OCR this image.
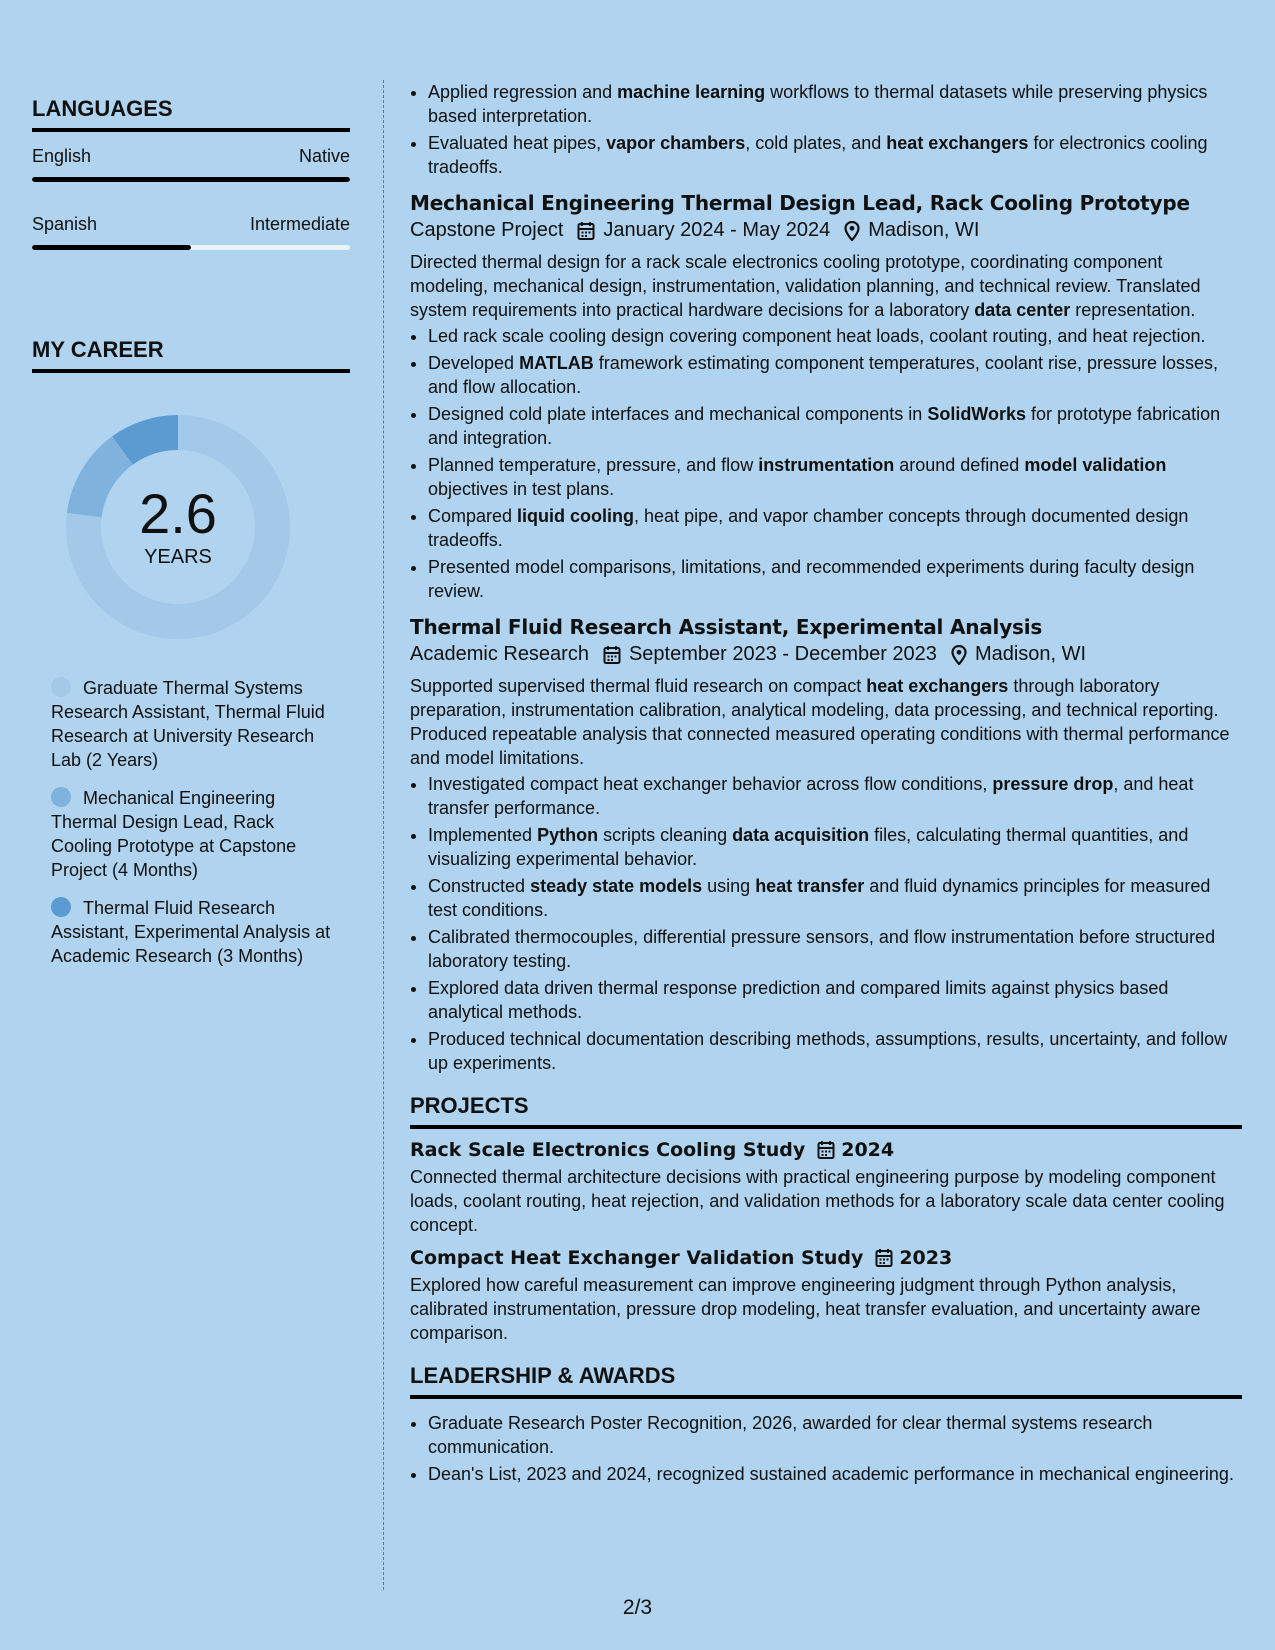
LANGUAGES
English	Native
Spanish	Intermediate
MY CAREER
2.6
YEARS
Graduate Thermal Systems Research Assistant, Thermal Fluid Research at University Research Lab (2 Years)
Mechanical Engineering Thermal Design Lead, Rack Cooling Prototype at Capstone Project (4 Months)
Thermal Fluid Research Assistant, Experimental Analysis at Academic Research (3 Months)
• Applied regression and machine learning workflows to thermal datasets while preserving physics based interpretation.
• Evaluated heat pipes, vapor chambers, cold plates, and heat exchangers for electronics cooling tradeoffs.
Mechanical Engineering Thermal Design Lead, Rack Cooling Prototype
Capstone Project January 2024 - May 2024 Madison, WI

Directed thermal design for a rack scale electronics cooling prototype, coordinating component modeling, mechanical design, instrumentation, validation planning, and technical review. Translated system requirements into practical hardware decisions for a laboratory data center representation.

• Led rack scale cooling design covering component heat loads, coolant routing, and heat rejection.
• Developed MATLAB framework estimating component temperatures, coolant rise, pressure losses, and flow allocation.
• Designed cold plate interfaces and mechanical components in SolidWorks for prototype fabrication and integration.
• Planned temperature, pressure, and flow instrumentation around defined model validation objectives in test plans.
• Compared liquid cooling, heat pipe, and vapor chamber concepts through documented design tradeoffs.
• Presented model comparisons, limitations, and recommended experiments during faculty design review.
Thermal Fluid Research Assistant, Experimental Analysis
Academic Research September 2023 - December 2023 Madison, WI

Supported supervised thermal fluid research on compact heat exchangers through laboratory preparation, instrumentation calibration, analytical modeling, data processing, and technical reporting. Produced repeatable analysis that connected measured operating conditions with thermal performance and model limitations.

• Investigated compact heat exchanger behavior across flow conditions, pressure drop, and heat transfer performance.
• Implemented Python scripts cleaning data acquisition files, calculating thermal quantities, and visualizing experimental behavior.
• Constructed steady state models using heat transfer and fluid dynamics principles for measured test conditions.
• Calibrated thermocouples, differential pressure sensors, and flow instrumentation before structured laboratory testing.
• Explored data driven thermal response prediction and compared limits against physics based analytical methods.
• Produced technical documentation describing methods, assumptions, results, uncertainty, and follow up experiments.
PROJECTS
Rack Scale Electronics Cooling Study 2024

Connected thermal architecture decisions with practical engineering purpose by modeling component loads, coolant routing, heat rejection, and validation methods for a laboratory scale data center cooling concept.

Compact Heat Exchanger Validation Study 2023

Explored how careful measurement can improve engineering judgment through Python analysis, calibrated instrumentation, pressure drop modeling, heat transfer evaluation, and uncertainty aware comparison.

LEADERSHIP & AWARDS
• Graduate Research Poster Recognition, 2026, awarded for clear thermal systems research communication.
• Dean's List, 2023 and 2024, recognized sustained academic performance in mechanical engineering.
2/3
